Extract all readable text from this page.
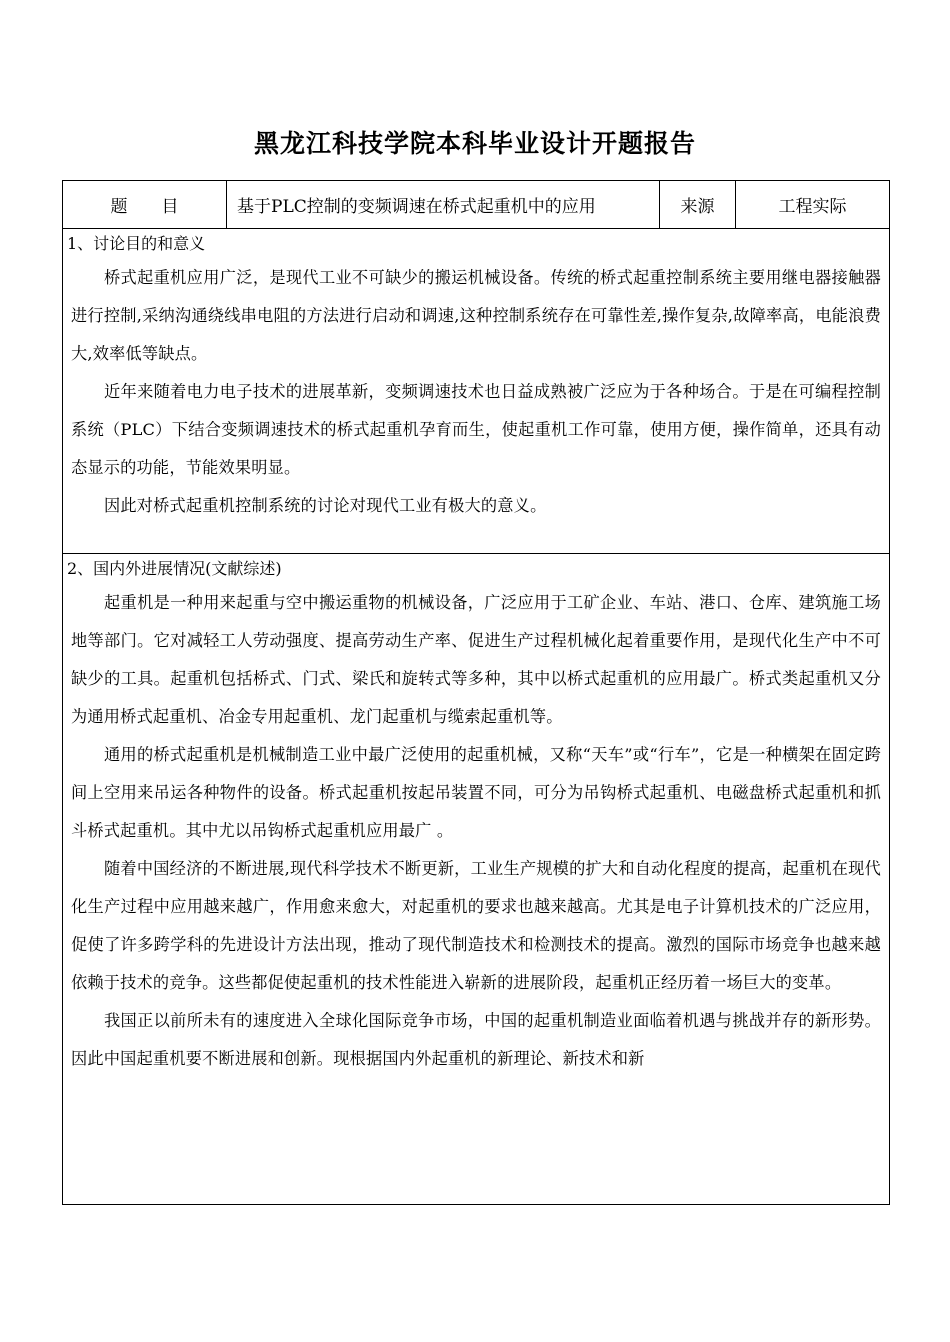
黑龙江科技学院本科毕业设计开题报告
题　　目	基于PLC控制的变频调速在桥式起重机中的应用	来源	工程实际

1、讨论目的和意义

桥式起重机应用广泛，是现代工业不可缺少的搬运机械设备。传统的桥式起重控制系统主要用继电器接触器进行控制,采纳沟通绕线串电阻的方法进行启动和调速,这种控制系统存在可靠性差,操作复杂,故障率高，电能浪费大,效率低等缺点。

近年来随着电力电子技术的进展革新，变频调速技术也日益成熟被广泛应为于各种场合。于是在可编程控制系统（PLC）下结合变频调速技术的桥式起重机孕育而生，使起重机工作可靠，使用方便，操作简单，还具有动态显示的功能，节能效果明显。

因此对桥式起重机控制系统的讨论对现代工业有极大的意义。

2、国内外进展情况(文献综述)

起重机是一种用来起重与空中搬运重物的机械设备，广泛应用于工矿企业、车站、港口、仓库、建筑施工场地等部门。它对减轻工人劳动强度、提高劳动生产率、促进生产过程机械化起着重要作用，是现代化生产中不可缺少的工具。起重机包括桥式、门式、梁氏和旋转式等多种，其中以桥式起重机的应用最广。桥式类起重机又分为通用桥式起重机、冶金专用起重机、龙门起重机与缆索起重机等。

通用的桥式起重机是机械制造工业中最广泛使用的起重机械，又称“天车”或“行车”，它是一种横架在固定跨间上空用来吊运各种物件的设备。桥式起重机按起吊装置不同，可分为吊钩桥式起重机、电磁盘桥式起重机和抓斗桥式起重机。其中尤以吊钩桥式起重机应用最广 。

随着中国经济的不断进展,现代科学技术不断更新，工业生产规模的扩大和自动化程度的提高，起重机在现代化生产过程中应用越来越广，作用愈来愈大，对起重机的要求也越来越高。尤其是电子计算机技术的广泛应用，促使了许多跨学科的先进设计方法出现，推动了现代制造技术和检测技术的提高。激烈的国际市场竞争也越来越依赖于技术的竞争。这些都促使起重机的技术性能进入崭新的进展阶段，起重机正经历着一场巨大的变革。

我国正以前所未有的速度进入全球化国际竞争市场，中国的起重机制造业面临着机遇与挑战并存的新形势。因此中国起重机要不断进展和创新。现根据国内外起重机的新理论、新技术和新
